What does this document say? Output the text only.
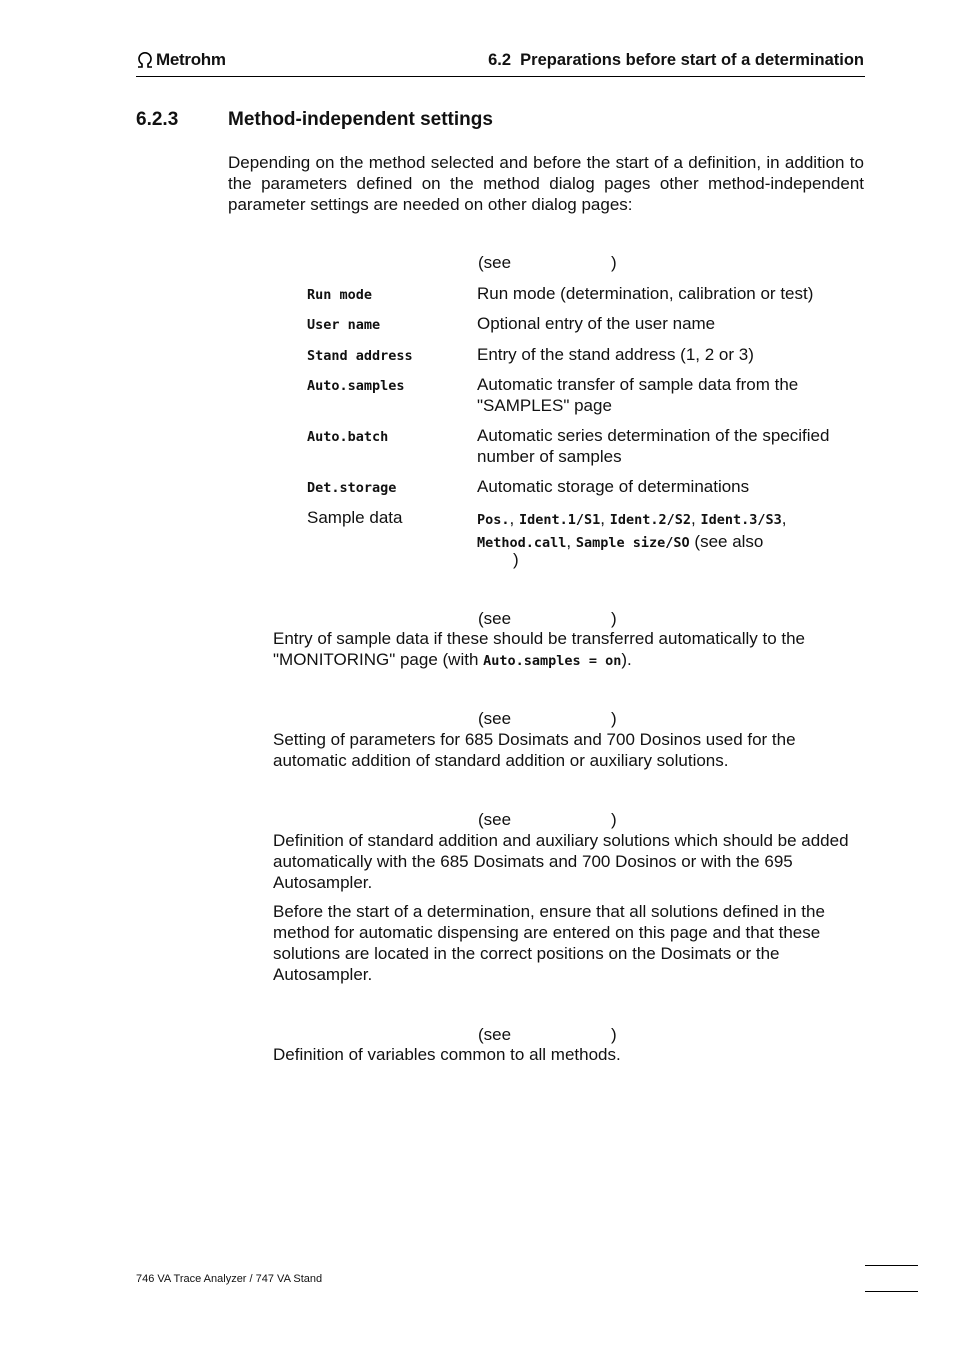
Metrohm	6.2  Preparations before start of a determination
6.2.3	Method-independent settings
Depending on the method selected and before the start of a definition, in addition to the parameters defined on the method dialog pages other method-independent parameter settings are needed on other dialog pages:
(see	)
Run mode	Run mode (determination, calibration or test)
User name	Optional entry of the user name
Stand address	Entry of the stand address (1, 2 or 3)
Auto.samples	Automatic transfer of sample data from the "SAMPLES" page
Auto.batch	Automatic series determination of the specified number of samples
Det.storage	Automatic storage of determinations
Sample data	Pos., Ident.1/S1, Ident.2/S2, Ident.3/S3, Method.call, Sample size/SO (see also
)
(see	)
Entry of sample data if these should be transferred automatically to the "MONITORING" page (with Auto.samples = on).
(see	)
Setting of parameters for 685 Dosimats and 700 Dosinos used for the automatic addition of standard addition or auxiliary solutions.
(see	)
Definition of standard addition and auxiliary solutions which should be added automatically with the 685 Dosimats and 700 Dosinos or with the 695 Autosampler.
Before the start of a determination, ensure that all solutions defined in the method for automatic dispensing are entered on this page and that these solutions are located in the correct positions on the Dosimats or the Autosampler.
(see	)
Definition of variables common to all methods.
746 VA Trace Analyzer / 747 VA Stand
